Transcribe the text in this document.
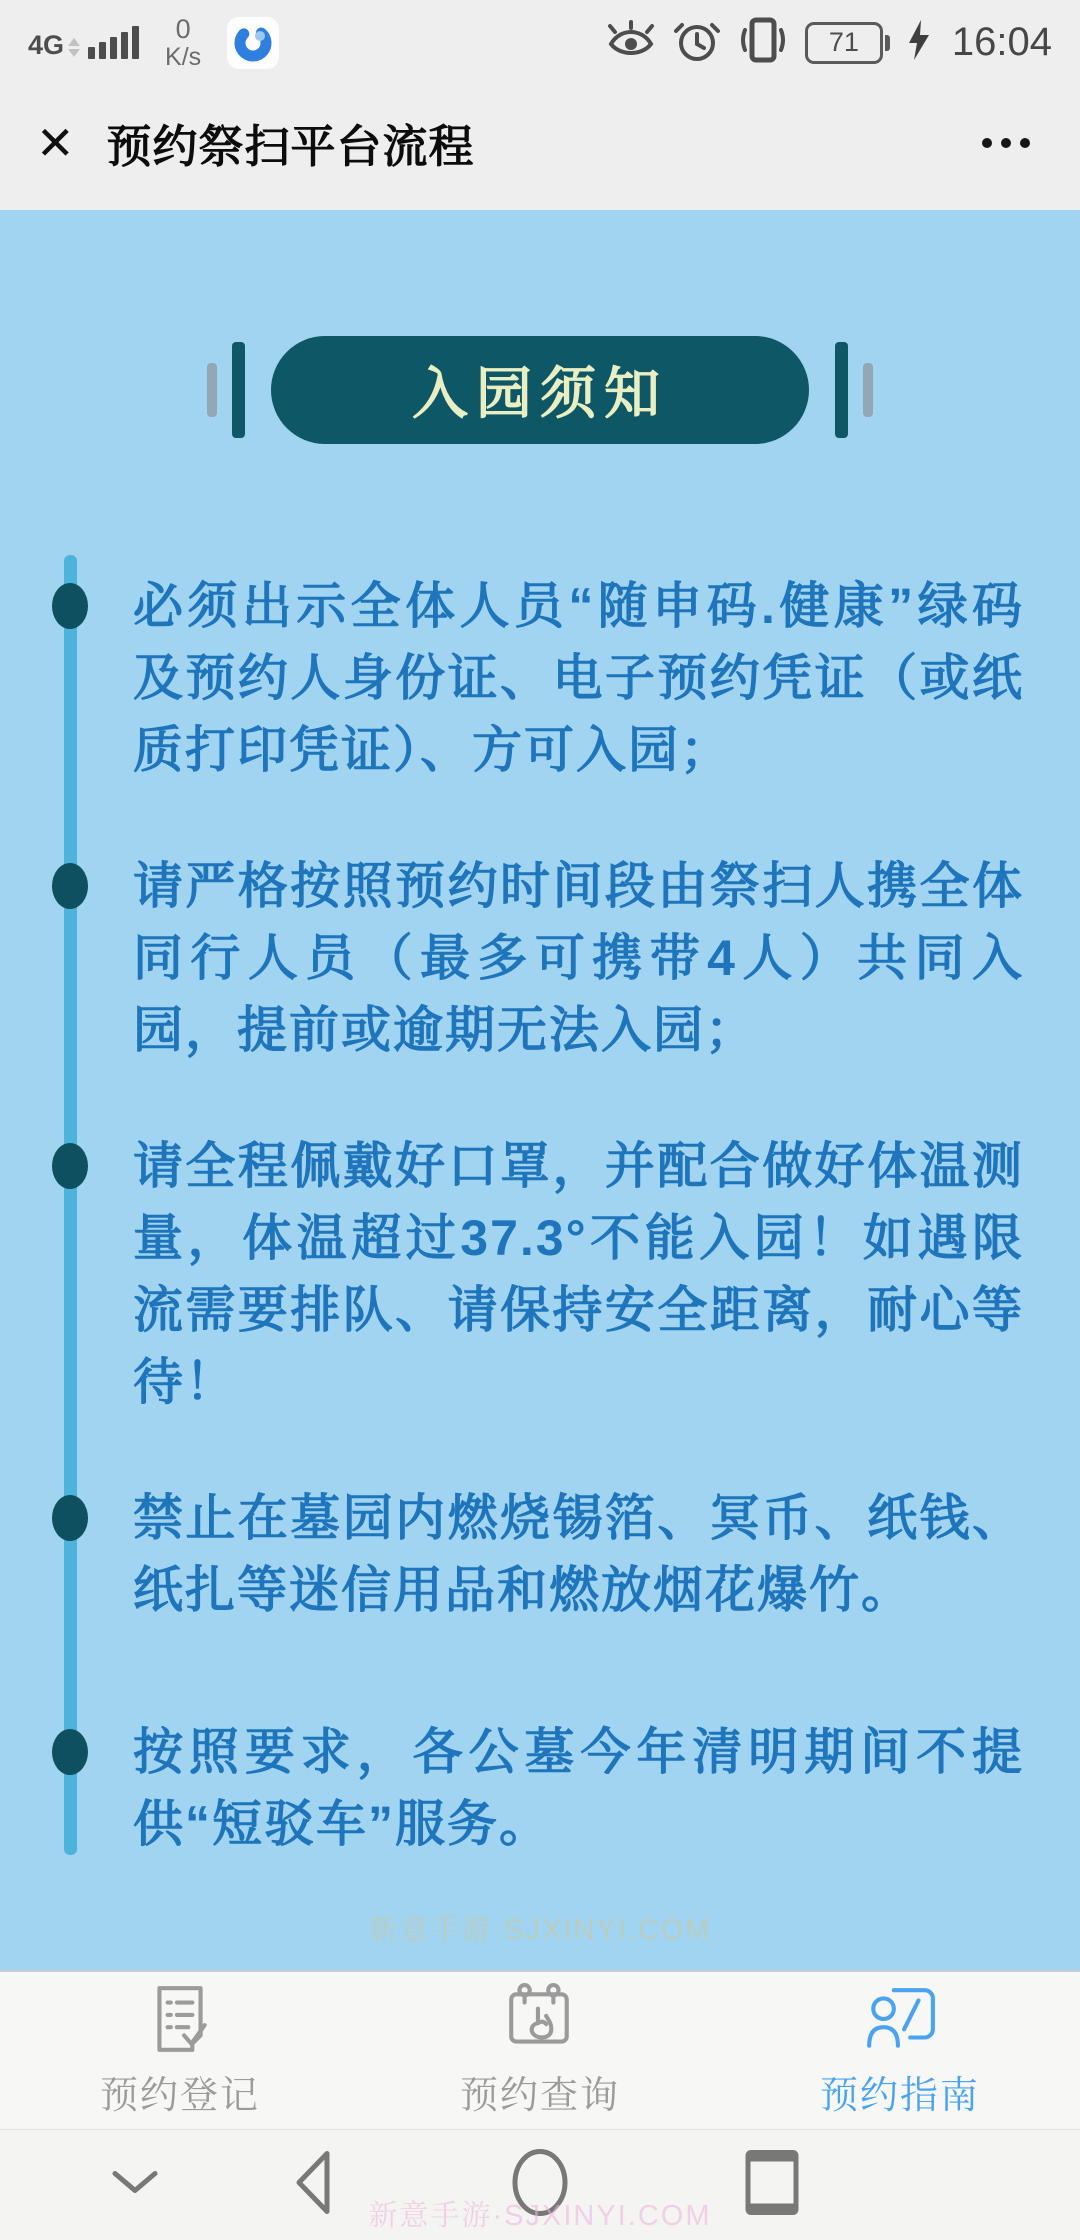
4G
0
K/s	71 16:04
✕ 预约祭扫平台流程
入园须知
必须出示全体人员“随申码.健康”绿码及预约人身份证、电子预约凭证（或纸质打印凭证）、方可入园；
请严格按照预约时间段由祭扫人携全体同行人员（最多可携带4人）共同入园，提前或逾期无法入园；
请全程佩戴好口罩，并配合做好体温测量，体温超过37.3°不能入园！如遇限流需要排队、请保持安全距离，耐心等待！
禁止在墓园内燃烧锡箔、冥币、纸钱、纸扎等迷信用品和燃放烟花爆竹。
按照要求，各公墓今年清明期间不提供“短驳车”服务。
新意手游·SJXINYI.COM
预约登记	预约查询	预约指南
新意手游·SJXINYI.COM
